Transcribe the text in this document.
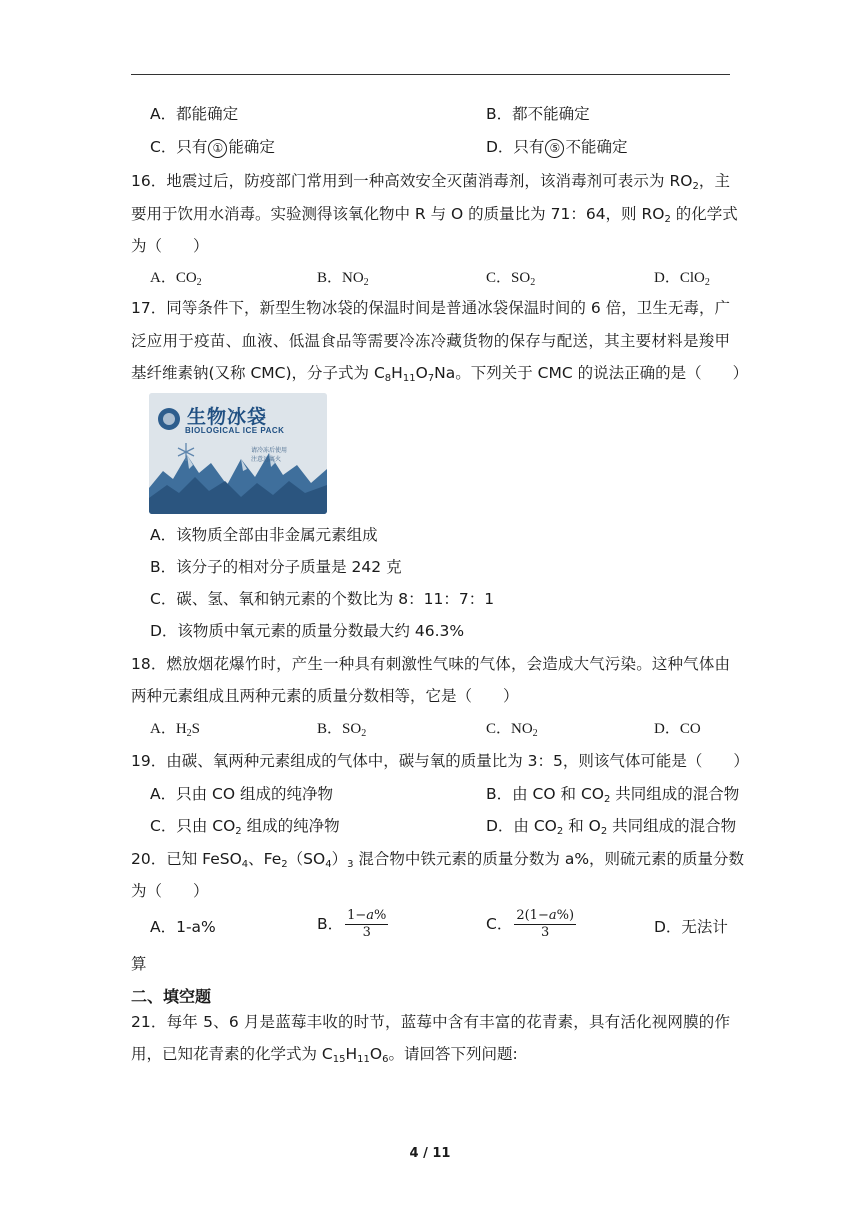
A．都能确定	B．都不能确定
C．只有 ① 能确定	D．只有 ⑤ 不能确定
16．地震过后，防疫部门常用到一种高效安全灭菌消毒剂，该消毒剂可表示为 $RO_2$，主
要用于饮用水消毒。实验测得该氧化物中 R 与 O 的质量比为 71：64，则 $RO_2$ 的化学式
为（　　）
A．$CO_2$	B．$NO_2$	C．$SO_2$	D．ClO$_2$
17．同等条件下，新型生物冰袋的保温时间是普通冰袋保温时间的 6 倍，卫生无毒，广
泛应用于疫苗、血液、低温食品等需要冷冻冷藏货物的保存与配送，其主要材料是羧甲
基纤维素钠(又称 CMC)，分子式为 $C_8H_{11}O_7Na$。下列关于 CMC 的说法正确的是（　　）
生物冰袋
BIOLOGICAL ICE PACK
请冷冻后使用
注意远离火
A．该物质全部由非金属元素组成
B．该分子的相对分子质量是 242 克
C．碳、氢、氧和钠元素的个数比为 8：11：7：1
D．该物质中氧元素的质量分数最大约 46.3%
18．燃放烟花爆竹时，产生一种具有刺激性气味的气体，会造成大气污染。这种气体由
两种元素组成且两种元素的质量分数相等，它是（　　）
A．$H_2S$	B．$SO_2$	C．$NO_2$	D．CO
19．由碳、氧两种元素组成的气体中，碳与氧的质量比为 3：5，则该气体可能是（　　）
A．只由 CO 组成的纯净物	B．由 CO 和 $CO_2$ 共同组成的混合物
C．只由 $CO_2$ 组成的纯净物	D．由 $CO_2$ 和 $O_2$ 共同组成的混合物
20．已知 FeSO$_4$、$Fe_2(SO_4)_3$ 混合物中铁元素的质量分数为 a%，则硫元素的质量分数
为（　　）
A．1-a%	B． $\frac{\text{1−𝑎\%}}{3}$	C． $\frac{\text{2(1−𝑎\%)}}{3}$	D．无法计
算
二、填空题
21．每年 5、6 月是蓝莓丰收的时节，蓝莓中含有丰富的花青素，具有活化视网膜的作
用，已知花青素的化学式为 $C_{15}H_{11}O_6$。请回答下列问题:
4 / 11
